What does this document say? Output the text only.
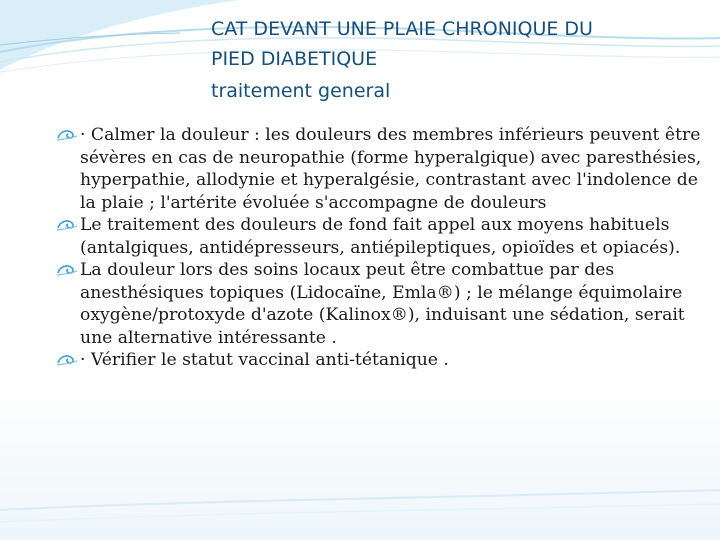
CAT DEVANT UNE PLAIE CHRONIQUE DU
PIED DIABETIQUE
traitement general
· Calmer la douleur : les douleurs des membres inférieurs peuvent être sévères en cas de neuropathie (forme hyperalgique) avec paresthésies, hyperpathie, allodynie et hyperalgésie, contrastant avec l'indolence de la plaie ; l'artérite évoluée s'accompagne de douleurs
Le traitement des douleurs de fond fait appel aux moyens habituels (antalgiques, antidépresseurs, antiépileptiques, opioïdes et opiacés).
La douleur lors des soins locaux peut être combattue par des anesthésiques topiques (Lidocaïne, Emla®) ; le mélange équimolaire oxygène/protoxyde d'azote (Kalinox®), induisant une sédation, serait une alternative intéressante .
· Vérifier le statut vaccinal anti-tétanique .
